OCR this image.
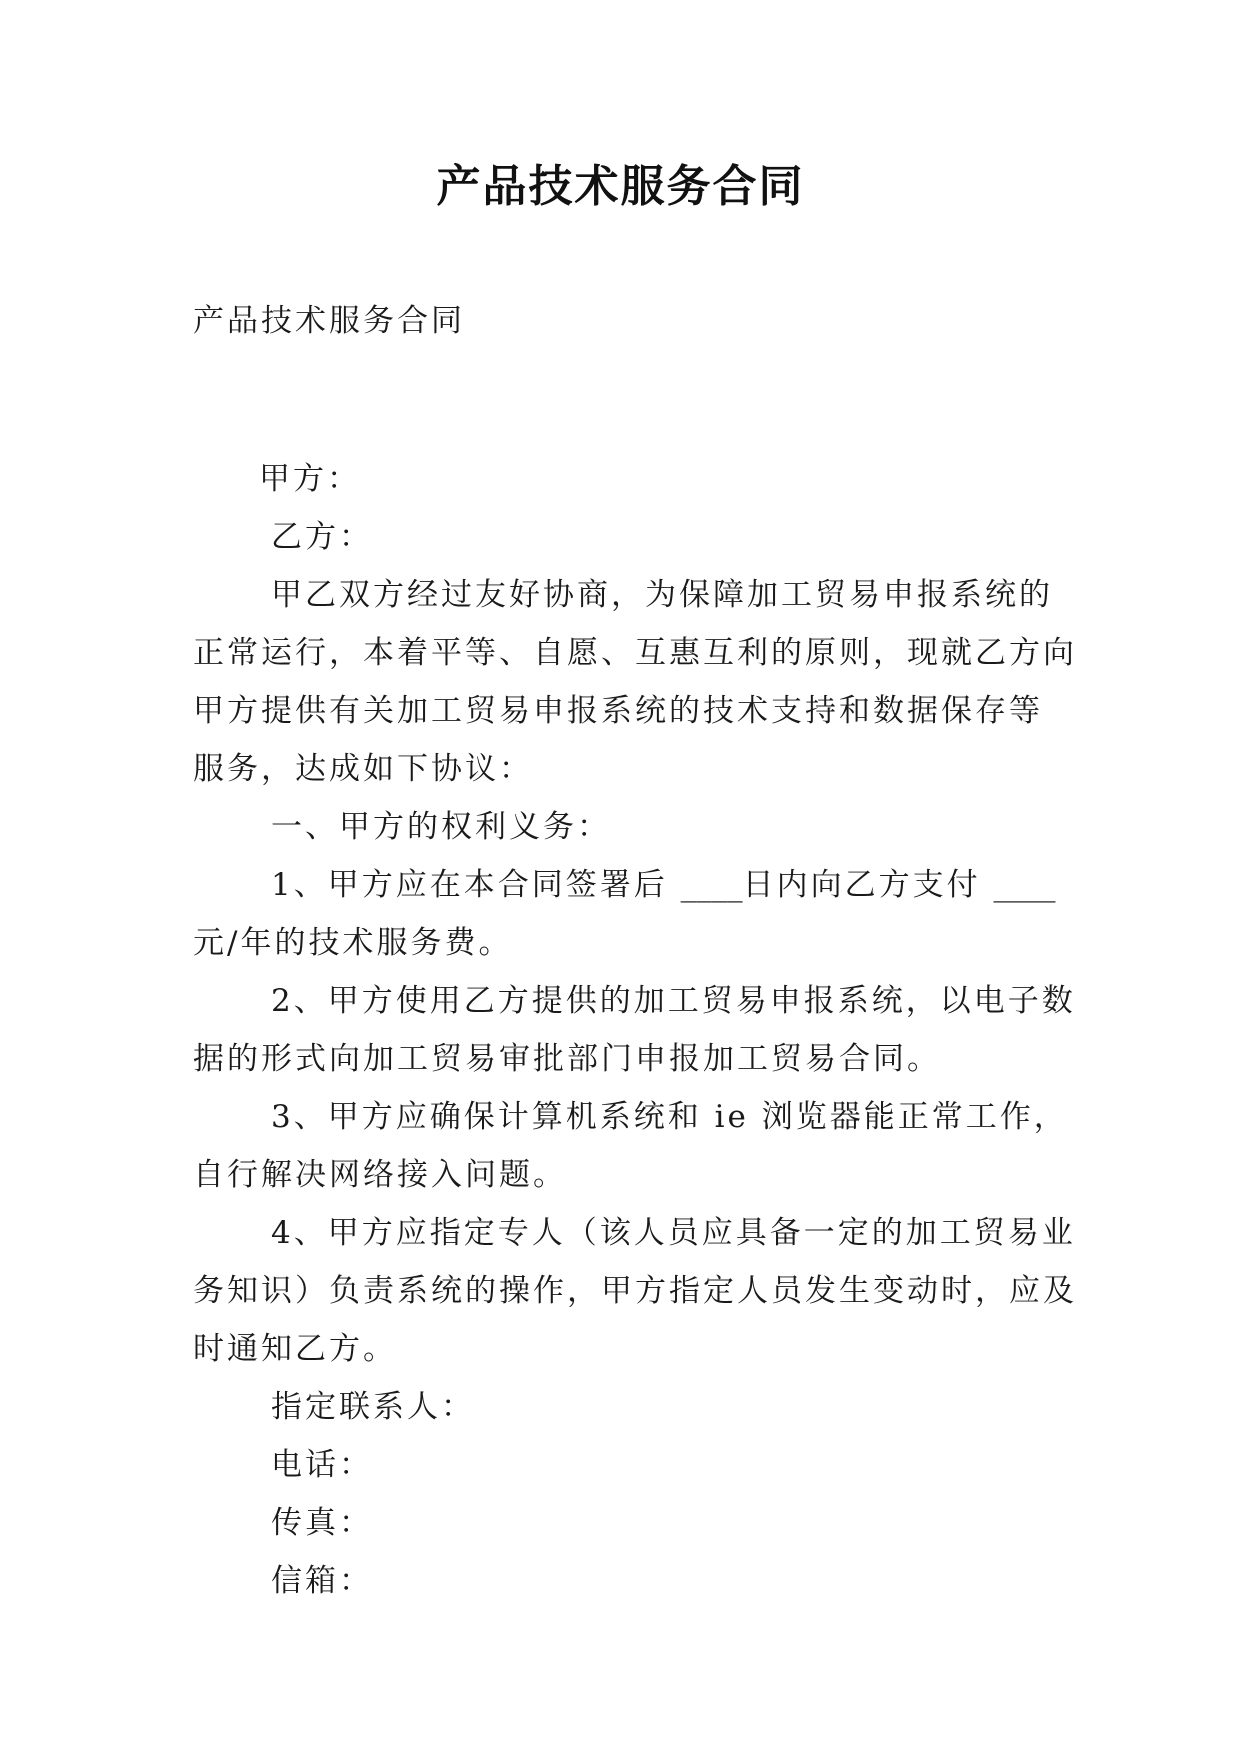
产品技术服务合同
产品技术服务合同
甲方：
乙方：
甲乙双方经过友好协商，为保障加工贸易申报系统的
正常运行，本着平等、自愿、互惠互利的原则，现就乙方向
甲方提供有关加工贸易申报系统的技术支持和数据保存等
服务，达成如下协议：
一、甲方的权利义务：
1、甲方应在本合同签署后 ____日内向乙方支付 ____
元/年的技术服务费。
2、甲方使用乙方提供的加工贸易申报系统，以电子数
据的形式向加工贸易审批部门申报加工贸易合同。
3、甲方应确保计算机系统和 ie 浏览器能正常工作，
自行解决网络接入问题。
4、甲方应指定专人（该人员应具备一定的加工贸易业
务知识）负责系统的操作，甲方指定人员发生变动时，应及
时通知乙方。
指定联系人：
电话：
传真：
信箱：
